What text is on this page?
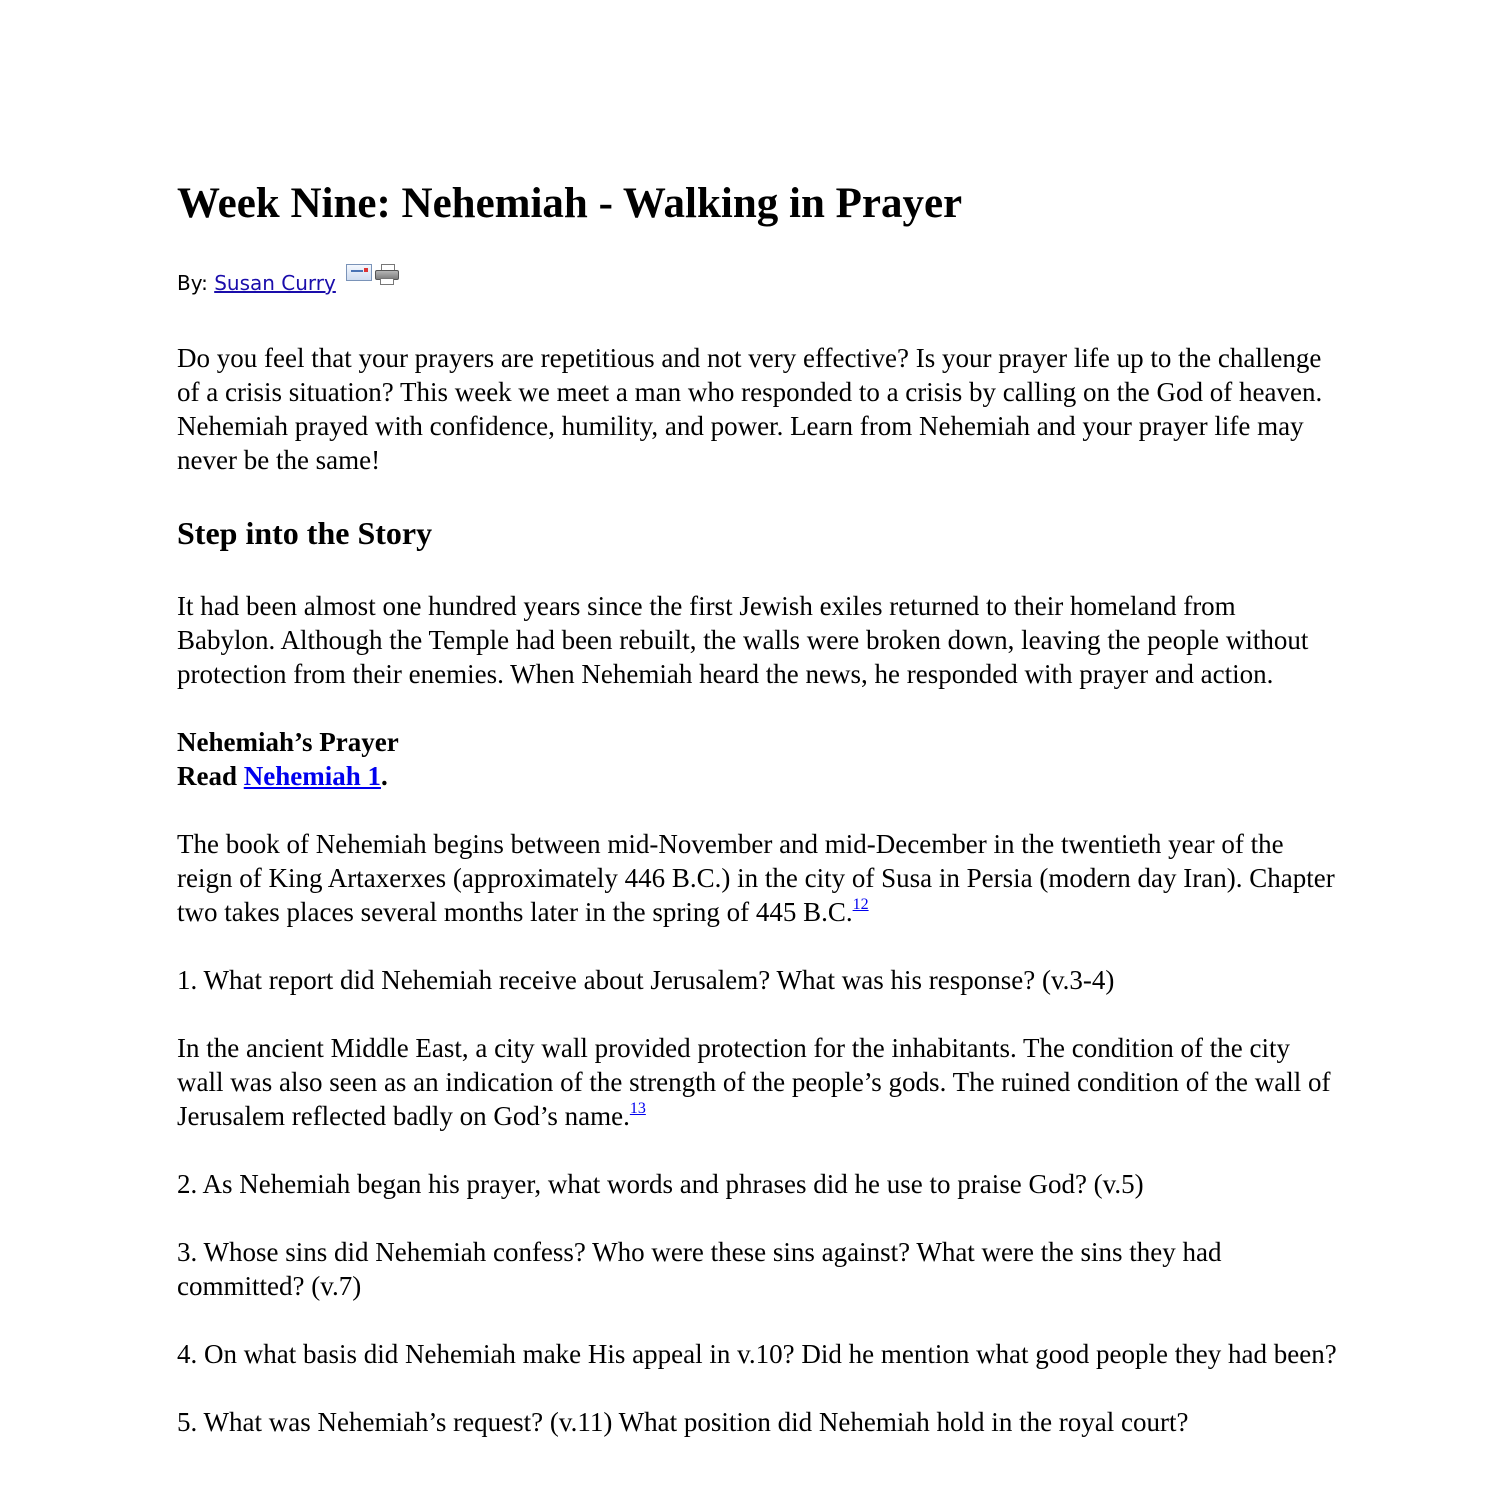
Week Nine: Nehemiah - Walking in Prayer
By:
Susan Curry

Do you feel that your prayers are repetitious and not very effective? Is your prayer life up to the challenge of a crisis situation? This week we meet a man who responded to a crisis by calling on the God of heaven. Nehemiah prayed with confidence, humility, and power. Learn from Nehemiah and your prayer life may never be the same!

Step into the Story

It had been almost one hundred years since the first Jewish exiles returned to their homeland from Babylon. Although the Temple had been rebuilt, the walls were broken down, leaving the people without protection from their enemies. When Nehemiah heard the news, he responded with prayer and action.

Nehemiah’s Prayer

Read Nehemiah 1.

The book of Nehemiah begins between mid-November and mid-December in the twentieth year of the reign of King Artaxerxes (approximately 446 B.C.) in the city of Susa in Persia (modern day Iran). Chapter two takes places several months later in the spring of 445 B.C.$^{12}$

1. What report did Nehemiah receive about Jerusalem? What was his response? (v.3-4)

In the ancient Middle East, a city wall provided protection for the inhabitants. The condition of the city wall was also seen as an indication of the strength of the people’s gods. The ruined condition of the wall of Jerusalem reflected badly on God’s name.$^{13}$

2. As Nehemiah began his prayer, what words and phrases did he use to praise God? (v.5)

3. Whose sins did Nehemiah confess? Who were these sins against? What were the sins they had committed? (v.7)

4. On what basis did Nehemiah make His appeal in v.10? Did he mention what good people they had been?

5. What was Nehemiah’s request? (v.11) What position did Nehemiah hold in the royal court?
